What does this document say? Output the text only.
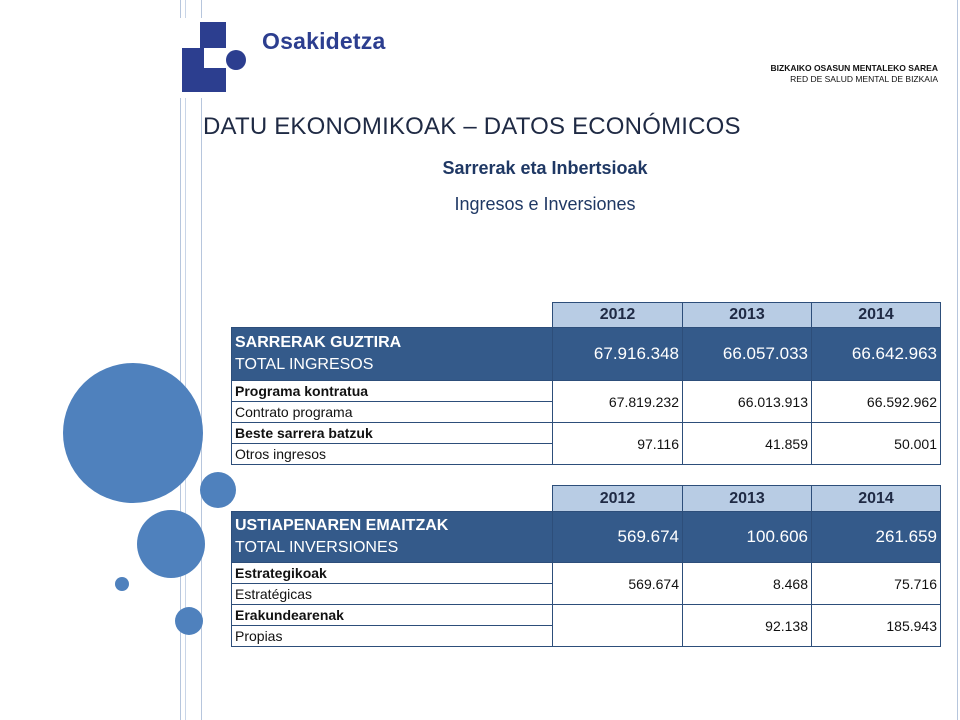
Osakidetza
BIZKAIKO OSASUN MENTALEKO SAREA
RED DE SALUD MENTAL DE BIZKAIA
DATU EKONOMIKOAK – DATOS ECONÓMICOS
Sarrerak eta Inbertsioak
Ingresos e Inversiones
	2012	2013	2014

SARRERAK GUZTIRA
TOTAL INGRESOS	67.916.348	66.057.033	66.642.963
Programa kontratua	67.819.232	66.013.913	66.592.962
Contrato programa			
Beste sarrera batzuk	97.116	41.859	50.001
Otros ingresos			
	2012	2013	2014

USTIAPENAREN EMAITZAK
TOTAL INVERSIONES	569.674	100.606	261.659
Estrategikoak	569.674	8.468	75.716
Estratégicas			
Erakundearenak		92.138	185.943
Propias			
